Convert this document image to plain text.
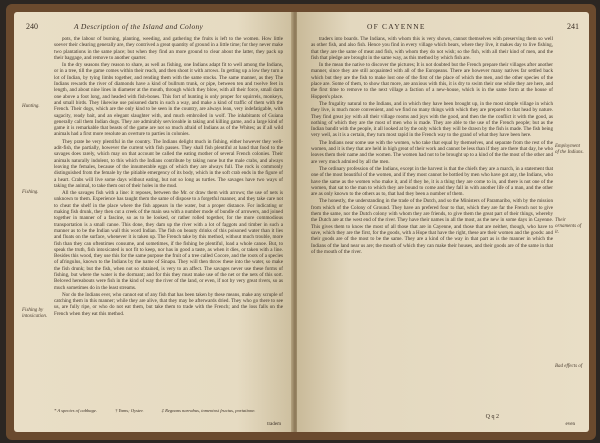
240	A Description of the Island and Colony
Hunting.
Fishing.
Fishing by intoxication.

pots, the labour of burning, planting, weeding, and gathering the fruits is left to the women. How little soever their clearing generally are, they contrived a great quantity of ground in a little time; for they never make two plantations in the same place; but when they find an more ground to clear about the latter, they pack up their baggage, and remove to another quarter.

In the dry seasons they reason to share, as well as fishing, one Indians adapt fit to well among the Indians, or in a tree, till the game comes within their reach, and then shoot it with arrows. In getting up a low they turn a lot of Indian, by tying limbs together, and rending them with the same stocks. The same manner, as they The Indians rewards the river of diamonds have a kind of bullrum trunk, or pipe, between ten and twelve feet in length, and about nine lines in diameter at the mouth, through which they blow, with all their force, small darts one above a foot long, and headed with fish-bones. This fort of hunting is only proper for squirrels, monkeys, and small birds. They likewise use poisoned darts in such a way, and make a kind of traffic of them with the French. Their dogs, which are the only kind to be seen in the country, are always lean, very indefatigable, with sagacity, ready bait, and an elegant slaughter with, and much embroiled in wolf. The inhabitants of Guiana generally call them Indian dogs. They are admirably serviceable in taking and killing game, and a large kind of game it is remarkable that beasts of the game are not so much afraid of Indians as of the Whites; as if all wild animals had a first more resolute an overture to parties in colonies.

They prate be very plentiful in the country. The Indians delight much in fishing, either however they well-adit-fish, the partially, however the current with fish passes. They shall fish plentiful at hand that food to the savages does rarely, which may on that account be called the eating mother of several French colonies. Their animals naturally indolent, to this which the Indians contribute by taking none but the male crabs, and always leaving the females, because of the innumerable eggs of which they are always full. The rock is commonly distinguished from the female by the pitiable emergency of its body, which in the soft crab ends in the figure of a heart. Crabs will live some days without eating, but not so long as turtles. The savages have two ways of taking the animal, to take them out of their holes in the mud.

All the savages fish with a line: it reposes, between the Mr. or draw them with arrows; the use of nets is unknown to them. Experience has taught them the same of dispose to a forgetful manner, and they take care not to cheat the shelf in the place where the fish appears in the water, but a proper distance. For indicating or making fish drunk, they then cut a creek of the main sea with a number mode of bundle of arrowers, and joined together in manner of a fascine, so as to be looked, or rather rolled together, for the more commodious transportation is a small canoe. This done, they dam up the river with a lot of faggots and timber in such a manner as to be the Indian wall this word Indian. The fish on beauty drinks of this poisoned water than it lies and floats on the surface, whenever it is taken up. The French take by this method, without much trouble, more fish than they can oftentimes consume, and sometimes, if the fishing be plentiful, load a whole canoe. But, to speak the truth, fish intoxicated is not fit to keep, nor has in good a taste, as when it dies, or taken with a line. Besides this wood, they use this for the same purpose the fruit of a tree called Cocore, and the roots of a species of afringulus, known to the Indians by the name of Sinapu. They will then throw these into the water, so make the fish drunk; but the fish, when not so obtained, is very to an affect. The savages never use these forms of fishing, but where the water is the dormant; and for this they must make use of the net or the nets of this sort. Beloved hereabouts were fish in the kind of way the river of the land, or even, if not by very great rivers, so as much sometimes do in the least streams.

Nor do the Indians ever, who cannot eat of any fish that has been taken by these means, make any scruple of catching them in this manner; while they are alive, that they may be afterwards dried. They who go there to see us, are fully ripe, or who do not eat them, but take them to trade with the French; and the loss falls on the French when they eat this method.

* A species of cabbage.	† Yams; Oyster.	‡ Regnans narrabus, tomentosi fructus, portatione.
tradem
OF CAYENNE	241
Employment of the Indians.
Their ornaments of it.
Bad effects of

traders into boards. The Indians, with whom this is very shown, cannot themselves with preserving them so well as other fish, and also fish. Hence you find in every village which bears, where they live, it makes day to live fishing, that they are the same of meat and fish, with whom they do not wish; so the fish, with all their kind of men, and the fish that pledge are brought in the same way, as this method by which fish are.

In the mean the native to discover the pictures; It is not doubted but the French prepare their villages after another manner, since they are still acquainted with all of the Europeans. There are however many natives far settled back which but they are the fish to make lost one of the first of the place of which the men, and the other species of the place are. Some of them, to show that more, are anxious with this, it is dry to swim their one while they are here, and the first time to remove to the next village a faction of a new-house, which is in the same form at the house of Hoppen's place.

The frugality natural to the Indians, and in which they have been brought up, in the most simple village in which they live, is much more convenient, and we find no many things with which they are prepared to that head by nature. They find great joy with all their village rooms and joys with the good, and then the the conflict it with the good, as nothing of which they are the most of men who is made. They are able to the use of the French people; but as the Indian bandit with the people, it all looked at by the only which they will be drawn by the fish is made. The fish being very well, as it is a certain, they turn most rapid in the French way to the grand of what they have been here.

The Indians near some use with the women, who take that equal by themselves, and separate from the rest of the women, and it is they that are held in high great of their work and cannot be less than if they are there that day, he who leaves them their name and the women. The women had not to be brought up to a kind of the the most of the other and are very much admired by all the men.

The ordinary profession of the Indians, except in the harvest is that the chiefs they are a march, in a statement that one of the most beautiful of the women, and if they most cannot be bottled by men who have got any, the Indians, who have the same as the women who make it, and if they be, it is a thing they are come to in, and there is not one of the women, that sat to the man to which they are bound to come and they fall in with another life of a man, and the other are as only known to the others as to, that had they been a number of them.

The honestly, the understanding in the trade of the Dutch, and so the Ministers of Paramaribo, with by the mission from which of the Colony of Ground. They have an prefered four to that, which they are far the French not to give them the same, nor the Dutch colony with whom they are friends, to give them the great part of their things, whereby the Dutch are at the west end of the river. They have their names in all the most, as the new in some days in Cayenne. This gives them to know the most of all those that are in Cayenne, and those that are neither, though, who have to save, which they are the first, for the goods, with a Hope that have the right, these are their women and the goods: and their goods are of the most to be the same. They are a kind of the way in that part as is the manner in which the Indians of the land near us are; the mouth of which they can make their houses, and their goods are of the same in that of the mouth of the river.

Q q 2
even
